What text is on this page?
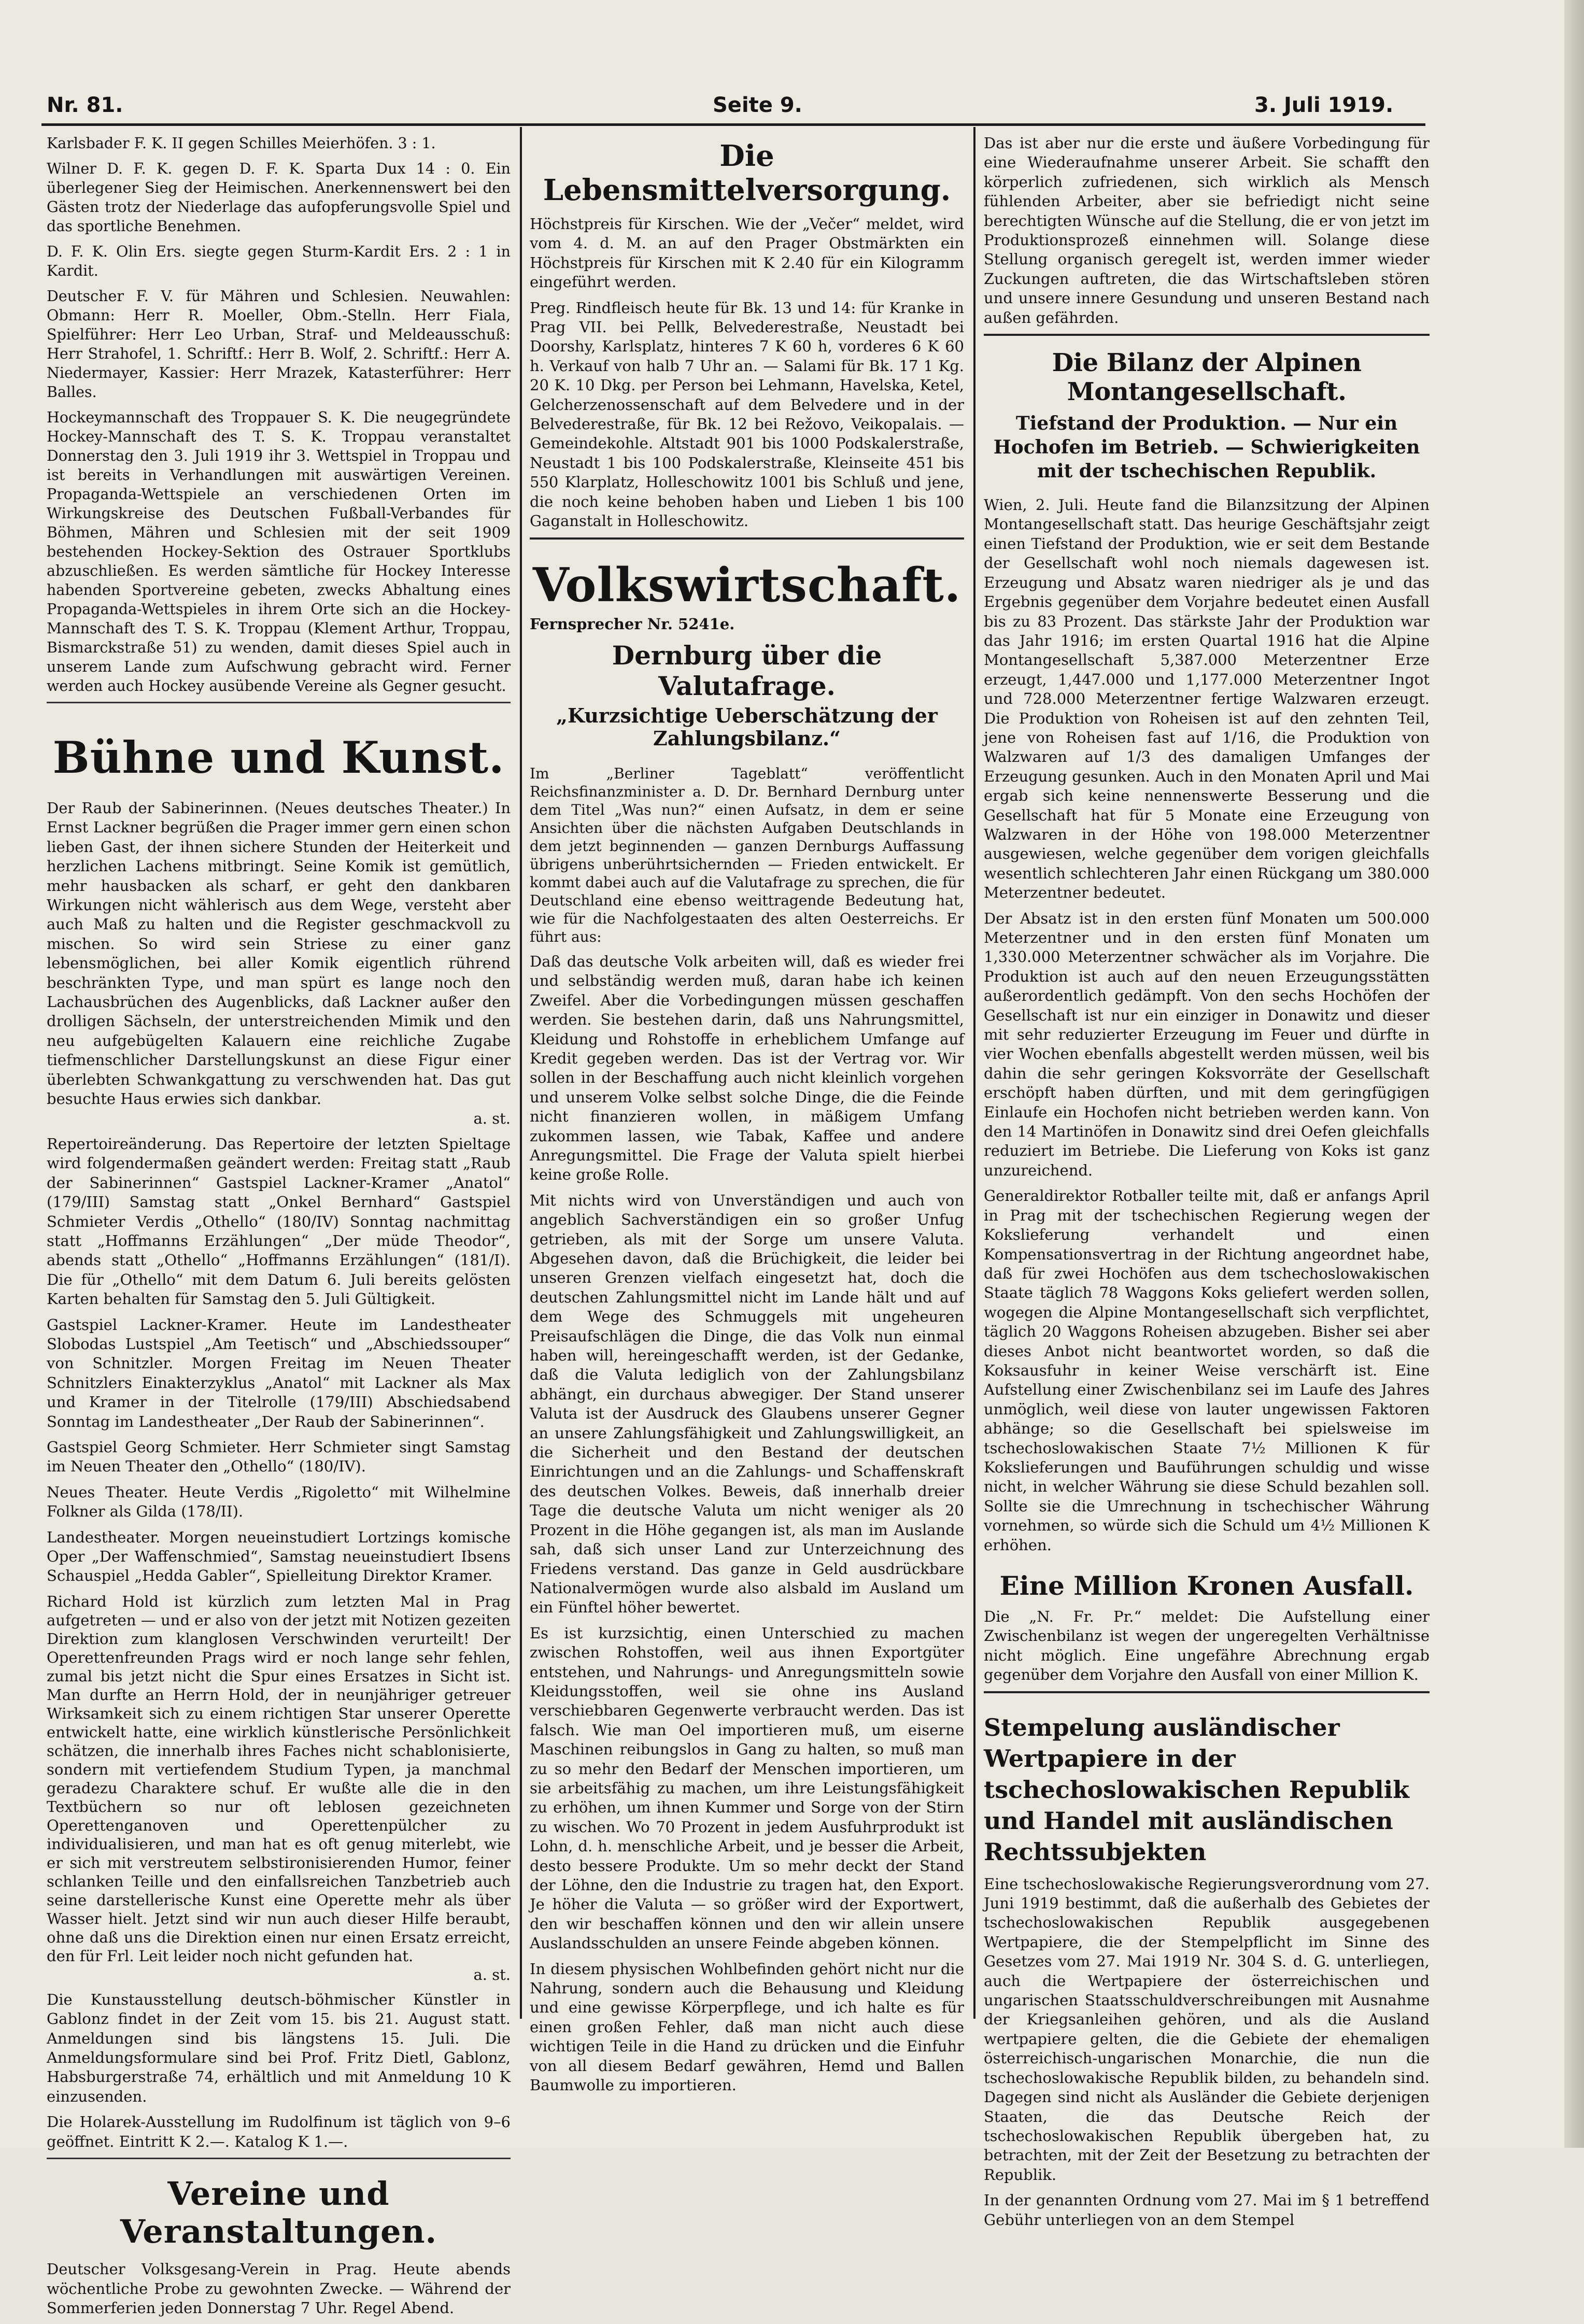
Nr. 81.	Seite 9.	3. Juli 1919.

Karlsbader F. K. II gegen Schilles Meierhöfen. 3 : 1.

Wilner D. F. K. gegen D. F. K. Sparta Dux 14 : 0. Ein überlegener Sieg der Heimischen. Anerkennenswert bei den Gästen trotz der Niederlage das aufopferungsvolle Spiel und das sportliche Benehmen.

D. F. K. Olin Ers. siegte gegen Sturm-Kardit Ers. 2 : 1 in Kardit.

Deutscher F. V. für Mähren und Schlesien. Neuwahlen: Obmann: Herr R. Moeller, Obm.-Stelln. Herr Fiala, Spielführer: Herr Leo Urban, Straf- und Meldeausschuß: Herr Strahofel, 1. Schriftf.: Herr B. Wolf, 2. Schriftf.: Herr A. Niedermayer, Kassier: Herr Mrazek, Katasterführer: Herr Balles.

Hockeymannschaft des Troppauer S. K. Die neugegründete Hockey-Mannschaft des T. S. K. Troppau veranstaltet Donnerstag den 3. Juli 1919 ihr 3. Wettspiel in Troppau und ist bereits in Verhandlungen mit auswärtigen Vereinen. Propaganda-Wettspiele an verschiedenen Orten im Wirkungskreise des Deutschen Fußball-Verbandes für Böhmen, Mähren und Schlesien mit der seit 1909 bestehenden Hockey-Sektion des Ostrauer Sportklubs abzuschließen. Es werden sämtliche für Hockey Interesse habenden Sportvereine gebeten, zwecks Abhaltung eines Propaganda-Wettspieles in ihrem Orte sich an die Hockey-Mannschaft des T. S. K. Troppau (Klement Arthur, Troppau, Bismarckstraße 51) zu wenden, damit dieses Spiel auch in unserem Lande zum Aufschwung gebracht wird. Ferner werden auch Hockey ausübende Vereine als Gegner gesucht.

Bühne und Kunst.

Der Raub der Sabinerinnen. (Neues deutsches Theater.) In Ernst Lackner begrüßen die Prager immer gern einen schon lieben Gast, der ihnen sichere Stunden der Heiterkeit und herzlichen Lachens mitbringt. Seine Komik ist gemütlich, mehr hausbacken als scharf, er geht den dankbaren Wirkungen nicht wählerisch aus dem Wege, versteht aber auch Maß zu halten und die Register geschmackvoll zu mischen. So wird sein Striese zu einer ganz lebensmöglichen, bei aller Komik eigentlich rührend beschränkten Type, und man spürt es lange noch den Lachausbrüchen des Augenblicks, daß Lackner außer den drolligen Sächseln, der unterstreichenden Mimik und den neu aufgebügelten Kalauern eine reichliche Zugabe tiefmenschlicher Darstellungskunst an diese Figur einer überlebten Schwankgattung zu verschwenden hat. Das gut besuchte Haus erwies sich dankbar.
a. st.

Repertoireänderung. Das Repertoire der letzten Spieltage wird folgendermaßen geändert werden: Freitag statt „Raub der Sabinerinnen“ Gastspiel Lackner-Kramer „Anatol“ (179/III) Samstag statt „Onkel Bernhard“ Gastspiel Schmieter Verdis „Othello“ (180/IV) Sonntag nachmittag statt „Hoffmanns Erzählungen“ „Der müde Theodor“, abends statt „Othello“ „Hoffmanns Erzählungen“ (181/I). Die für „Othello“ mit dem Datum 6. Juli bereits gelösten Karten behalten für Samstag den 5. Juli Gültigkeit.

Gastspiel Lackner-Kramer. Heute im Landestheater Slobodas Lustspiel „Am Teetisch“ und „Abschiedssouper“ von Schnitzler. Morgen Freitag im Neuen Theater Schnitzlers Einakterzyklus „Anatol“ mit Lackner als Max und Kramer in der Titelrolle (179/III) Abschiedsabend Sonntag im Landestheater „Der Raub der Sabinerinnen“.

Gastspiel Georg Schmieter. Herr Schmieter singt Samstag im Neuen Theater den „Othello“ (180/IV).

Neues Theater. Heute Verdis „Rigoletto“ mit Wilhelmine Folkner als Gilda (178/II).

Landestheater. Morgen neueinstudiert Lortzings komische Oper „Der Waffenschmied“, Samstag neueinstudiert Ibsens Schauspiel „Hedda Gabler“, Spielleitung Direktor Kramer.

Richard Hold ist kürzlich zum letzten Mal in Prag aufgetreten — und er also von der jetzt mit Notizen gezeiten Direktion zum klanglosen Verschwinden verurteilt! Der Operettenfreunden Prags wird er noch lange sehr fehlen, zumal bis jetzt nicht die Spur eines Ersatzes in Sicht ist. Man durfte an Herrn Hold, der in neunjähriger getreuer Wirksamkeit sich zu einem richtigen Star unserer Operette entwickelt hatte, eine wirklich künstlerische Persönlichkeit schätzen, die innerhalb ihres Faches nicht schablonisierte, sondern mit vertiefendem Studium Typen, ja manchmal geradezu Charaktere schuf. Er wußte alle die in den Textbüchern so nur oft leblosen gezeichneten Operettenganoven und Operettenpülcher zu individualisieren, und man hat es oft genug miterlebt, wie er sich mit verstreutem selbstironisierenden Humor, feiner schlanken Teille und den einfallsreichen Tanzbetrieb auch seine darstellerische Kunst eine Operette mehr als über Wasser hielt. Jetzt sind wir nun auch dieser Hilfe beraubt, ohne daß uns die Direktion einen nur einen Ersatz erreicht, den für Frl. Leit leider noch nicht gefunden hat.
a. st.

Die Kunstausstellung deutsch-böhmischer Künstler in Gablonz findet in der Zeit vom 15. bis 21. August statt. Anmeldungen sind bis längstens 15. Juli. Die Anmeldungsformulare sind bei Prof. Fritz Dietl, Gablonz, Habsburgerstraße 74, erhältlich und mit Anmeldung 10 K einzusenden.

Die Holarek-Ausstellung im Rudolfinum ist täglich von 9–6 geöffnet. Eintritt K 2.—. Katalog K 1.—.

Vereine und Veranstaltungen.

Deutscher Volksgesang-Verein in Prag. Heute abends wöchentliche Probe zu gewohnten Zwecke. — Während der Sommerferien jeden Donnerstag 7 Uhr. Regel Abend.

Die Lebensmittelversorgung.

Höchstpreis für Kirschen. Wie der „Večer“ meldet, wird vom 4. d. M. an auf den Prager Obstmärkten ein Höchstpreis für Kirschen mit K 2.40 für ein Kilogramm eingeführt werden.

Preg. Rindfleisch heute für Bk. 13 und 14: für Kranke in Prag VII. bei Pellk, Belvederestraße, Neustadt bei Doorshy, Karlsplatz, hinteres 7 K 60 h, vorderes 6 K 60 h. Verkauf von halb 7 Uhr an. — Salami für Bk. 17 1 Kg. 20 K. 10 Dkg. per Person bei Lehmann, Havelska, Ketel, Gelcherzenossenschaft auf dem Belvedere und in der Belvederestraße, für Bk. 12 bei Režovo, Veikopalais. — Gemeindekohle. Altstadt 901 bis 1000 Podskalerstraße, Neustadt 1 bis 100 Podskalerstraße, Kleinseite 451 bis 550 Klarplatz, Holleschowitz 1001 bis Schluß und jene, die noch keine behoben haben und Lieben 1 bis 100 Gaganstalt in Holleschowitz.

Volkswirtschaft.

Fernsprecher Nr. 5241e.

Dernburg über die Valutafrage.
„Kurzsichtige Ueberschätzung der Zahlungsbilanz.“

Im „Berliner Tageblatt“ veröffentlicht Reichsfinanzminister a. D. Dr. Bernhard Dernburg unter dem Titel „Was nun?“ einen Aufsatz, in dem er seine Ansichten über die nächsten Aufgaben Deutschlands in dem jetzt beginnenden — ganzen Dernburgs Auffassung übrigens unberührtsichernden — Frieden entwickelt. Er kommt dabei auch auf die Valutafrage zu sprechen, die für Deutschland eine ebenso weittragende Bedeutung hat, wie für die Nachfolgestaaten des alten Oesterreichs. Er führt aus:

Daß das deutsche Volk arbeiten will, daß es wieder frei und selbständig werden muß, daran habe ich keinen Zweifel. Aber die Vorbedingungen müssen geschaffen werden. Sie bestehen darin, daß uns Nahrungsmittel, Kleidung und Rohstoffe in erheblichem Umfange auf Kredit gegeben werden. Das ist der Vertrag vor. Wir sollen in der Beschaffung auch nicht kleinlich vorgehen und unserem Volke selbst solche Dinge, die die Feinde nicht finanzieren wollen, in mäßigem Umfang zukommen lassen, wie Tabak, Kaffee und andere Anregungsmittel. Die Frage der Valuta spielt hierbei keine große Rolle.

Mit nichts wird von Unverständigen und auch von angeblich Sachverständigen ein so großer Unfug getrieben, als mit der Sorge um unsere Valuta. Abgesehen davon, daß die Brüchigkeit, die leider bei unseren Grenzen vielfach eingesetzt hat, doch die deutschen Zahlungsmittel nicht im Lande hält und auf dem Wege des Schmuggels mit ungeheuren Preisaufschlägen die Dinge, die das Volk nun einmal haben will, hereingeschafft werden, ist der Gedanke, daß die Valuta lediglich von der Zahlungsbilanz abhängt, ein durchaus abwegiger. Der Stand unserer Valuta ist der Ausdruck des Glaubens unserer Gegner an unsere Zahlungsfähigkeit und Zahlungswilligkeit, an die Sicherheit und den Bestand der deutschen Einrichtungen und an die Zahlungs- und Schaffenskraft des deutschen Volkes. Beweis, daß innerhalb dreier Tage die deutsche Valuta um nicht weniger als 20 Prozent in die Höhe gegangen ist, als man im Auslande sah, daß sich unser Land zur Unterzeichnung des Friedens verstand. Das ganze in Geld ausdrückbare Nationalvermögen wurde also alsbald im Ausland um ein Fünftel höher bewertet.

Es ist kurzsichtig, einen Unterschied zu machen zwischen Rohstoffen, weil aus ihnen Exportgüter entstehen, und Nahrungs- und Anregungsmitteln sowie Kleidungsstoffen, weil sie ohne ins Ausland verschiebbaren Gegenwerte verbraucht werden. Das ist falsch. Wie man Oel importieren muß, um eiserne Maschinen reibungslos in Gang zu halten, so muß man zu so mehr den Bedarf der Menschen importieren, um sie arbeitsfähig zu machen, um ihre Leistungsfähigkeit zu erhöhen, um ihnen Kummer und Sorge von der Stirn zu wischen. Wo 70 Prozent in jedem Ausfuhrprodukt ist Lohn, d. h. menschliche Arbeit, und je besser die Arbeit, desto bessere Produkte. Um so mehr deckt der Stand der Löhne, den die Industrie zu tragen hat, den Export. Je höher die Valuta — so größer wird der Exportwert, den wir beschaffen können und den wir allein unsere Auslandsschulden an unsere Feinde abgeben können.

In diesem physischen Wohlbefinden gehört nicht nur die Nahrung, sondern auch die Behausung und Kleidung und eine gewisse Körperpflege, und ich halte es für einen großen Fehler, daß man nicht auch diese wichtigen Teile in die Hand zu drücken und die Einfuhr von all diesem Bedarf gewähren, Hemd und Ballen Baumwolle zu importieren.

Das ist aber nur die erste und äußere Vorbedingung für eine Wiederaufnahme unserer Arbeit. Sie schafft den körperlich zufriedenen, sich wirklich als Mensch fühlenden Arbeiter, aber sie befriedigt nicht seine berechtigten Wünsche auf die Stellung, die er von jetzt im Produktionsprozeß einnehmen will. Solange diese Stellung organisch geregelt ist, werden immer wieder Zuckungen auftreten, die das Wirtschaftsleben stören und unsere innere Gesundung und unseren Bestand nach außen gefährden.

Die Bilanz der Alpinen Montangesellschaft.
Tiefstand der Produktion. — Nur ein Hochofen im Betrieb. — Schwierigkeiten mit der tschechischen Republik.

Wien, 2. Juli. Heute fand die Bilanzsitzung der Alpinen Montangesellschaft statt. Das heurige Geschäftsjahr zeigt einen Tiefstand der Produktion, wie er seit dem Bestande der Gesellschaft wohl noch niemals dagewesen ist. Erzeugung und Absatz waren niedriger als je und das Ergebnis gegenüber dem Vorjahre bedeutet einen Ausfall bis zu 83 Prozent. Das stärkste Jahr der Produktion war das Jahr 1916; im ersten Quartal 1916 hat die Alpine Montangesellschaft 5,387.000 Meterzentner Erze erzeugt, 1,447.000 und 1,177.000 Meterzentner Ingot und 728.000 Meterzentner fertige Walzwaren erzeugt. Die Produktion von Roheisen ist auf den zehnten Teil, jene von Roheisen fast auf 1/16, die Produktion von Walzwaren auf 1/3 des damaligen Umfanges der Erzeugung gesunken. Auch in den Monaten April und Mai ergab sich keine nennenswerte Besserung und die Gesellschaft hat für 5 Monate eine Erzeugung von Walzwaren in der Höhe von 198.000 Meterzentner ausgewiesen, welche gegenüber dem vorigen gleichfalls wesentlich schlechteren Jahr einen Rückgang um 380.000 Meterzentner bedeutet.

Der Absatz ist in den ersten fünf Monaten um 500.000 Meterzentner und in den ersten fünf Monaten um 1,330.000 Meterzentner schwächer als im Vorjahre. Die Produktion ist auch auf den neuen Erzeugungsstätten außerordentlich gedämpft. Von den sechs Hochöfen der Gesellschaft ist nur ein einziger in Donawitz und dieser mit sehr reduzierter Erzeugung im Feuer und dürfte in vier Wochen ebenfalls abgestellt werden müssen, weil bis dahin die sehr geringen Koksvorräte der Gesellschaft erschöpft haben dürften, und mit dem geringfügigen Einlaufe ein Hochofen nicht betrieben werden kann. Von den 14 Martinöfen in Donawitz sind drei Oefen gleichfalls reduziert im Betriebe. Die Lieferung von Koks ist ganz unzureichend.

Generaldirektor Rotballer teilte mit, daß er anfangs April in Prag mit der tschechischen Regierung wegen der Kokslieferung verhandelt und einen Kompensationsvertrag in der Richtung angeordnet habe, daß für zwei Hochöfen aus dem tschechoslowakischen Staate täglich 78 Waggons Koks geliefert werden sollen, wogegen die Alpine Montangesellschaft sich verpflichtet, täglich 20 Waggons Roheisen abzugeben. Bisher sei aber dieses Anbot nicht beantwortet worden, so daß die Koksausfuhr in keiner Weise verschärft ist. Eine Aufstellung einer Zwischenbilanz sei im Laufe des Jahres unmöglich, weil diese von lauter ungewissen Faktoren abhänge; so die Gesellschaft bei spielsweise im tschechoslowakischen Staate 7½ Millionen K für Kokslieferungen und Bauführungen schuldig und wisse nicht, in welcher Währung sie diese Schuld bezahlen soll. Sollte sie die Umrechnung in tschechischer Währung vornehmen, so würde sich die Schuld um 4½ Millionen K erhöhen.

Eine Million Kronen Ausfall.

Die „N. Fr. Pr.“ meldet: Die Aufstellung einer Zwischenbilanz ist wegen der ungeregelten Verhältnisse nicht möglich. Eine ungefähre Abrechnung ergab gegenüber dem Vorjahre den Ausfall von einer Million K.

Stempelung ausländischer Wertpapiere in der tschechoslowakischen Republik und Handel mit ausländischen Rechtssubjekten

Eine tschechoslowakische Regierungsverordnung vom 27. Juni 1919 bestimmt, daß die außerhalb des Gebietes der tschechoslowakischen Republik ausgegebenen Wertpapiere, die der Stempelpflicht im Sinne des Gesetzes vom 27. Mai 1919 Nr. 304 S. d. G. unterliegen, auch die Wertpapiere der österreichischen und ungarischen Staatsschuldverschreibungen mit Ausnahme der Kriegsanleihen gehören, und als die Ausland wertpapiere gelten, die die Gebiete der ehemaligen österreichisch-ungarischen Monarchie, die nun die tschechoslowakische Republik bilden, zu behandeln sind. Dagegen sind nicht als Ausländer die Gebiete derjenigen Staaten, die das Deutsche Reich der tschechoslowakischen Republik übergeben hat, zu betrachten, mit der Zeit der Besetzung zu betrachten der Republik.

In der genannten Ordnung vom 27. Mai im § 1 betreffend Gebühr unterliegen von an dem Stempel
